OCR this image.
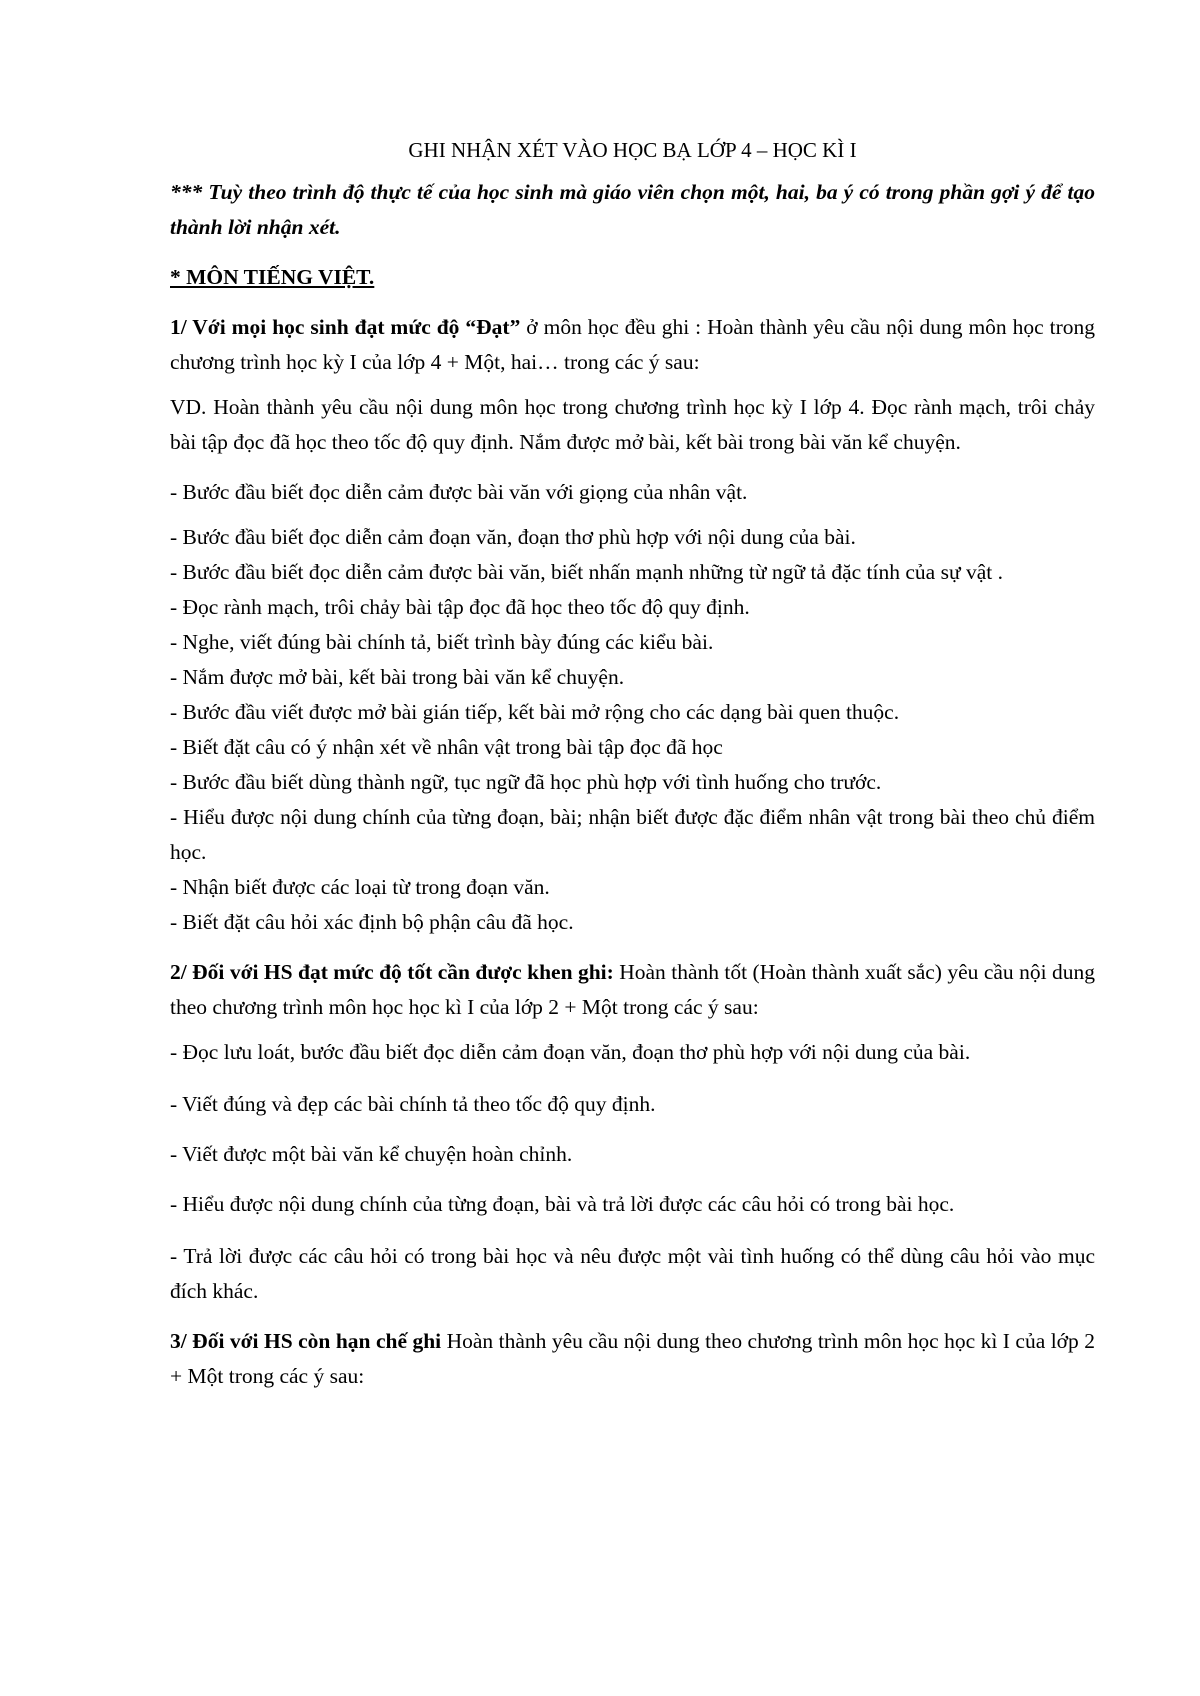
GHI NHẬN XÉT VÀO HỌC BẠ LỚP 4 – HỌC KÌ I

*** Tuỳ theo trình độ thực tế của học sinh mà giáo viên chọn một, hai, ba ý có trong phần gợi ý để tạo thành lời nhận xét.

* MÔN TIẾNG VIỆT.

1/ Với mọi học sinh đạt mức độ “Đạt” ở môn học đều ghi : Hoàn thành yêu cầu nội dung môn học trong chương trình học kỳ I của lớp 4 + Một, hai… trong các ý sau:

VD. Hoàn thành yêu cầu nội dung môn học trong chương trình học kỳ I lớp 4. Đọc rành mạch, trôi chảy bài tập đọc đã học theo tốc độ quy định. Nắm được mở bài, kết bài trong bài văn kể chuyện.

- Bước đầu biết đọc diễn cảm được bài văn với giọng của nhân vật.

- Bước đầu biết đọc diễn cảm đoạn văn, đoạn thơ phù hợp với nội dung của bài.

- Bước đầu biết đọc diễn cảm được bài văn, biết nhấn mạnh những từ ngữ tả đặc tính của sự vật .

- Đọc rành mạch, trôi chảy bài tập đọc đã học theo tốc độ quy định.

- Nghe, viết đúng bài chính tả, biết trình bày đúng các kiểu bài.

- Nắm được mở bài, kết bài trong bài văn kể chuyện.

- Bước đầu viết được mở bài gián tiếp, kết bài mở rộng cho các dạng bài quen thuộc.

- Biết đặt câu có ý nhận xét về nhân vật trong bài tập đọc đã học

- Bước đầu biết dùng thành ngữ, tục ngữ đã học phù hợp với tình huống cho trước.

- Hiểu được nội dung chính của từng đoạn, bài; nhận biết được đặc điểm nhân vật trong bài theo chủ điểm học.

- Nhận biết được các loại từ trong đoạn văn.

- Biết đặt câu hỏi xác định bộ phận câu đã học.

2/ Đối với HS đạt mức độ tốt cần được khen ghi: Hoàn thành tốt (Hoàn thành xuất sắc) yêu cầu nội dung theo chương trình môn học học kì I của lớp 2 + Một trong các ý sau:

- Đọc lưu loát, bước đầu biết đọc diễn cảm đoạn văn, đoạn thơ phù hợp với nội dung của bài.

- Viết đúng và đẹp các bài chính tả theo tốc độ quy định.

- Viết được một bài văn kể chuyện hoàn chỉnh.

- Hiểu được nội dung chính của từng đoạn, bài và trả lời được các câu hỏi có trong bài học.

- Trả lời được các câu hỏi có trong bài học và nêu được một vài tình huống có thể dùng câu hỏi vào mục đích khác.

3/ Đối với HS còn hạn chế ghi Hoàn thành yêu cầu nội dung theo chương trình môn học học kì I của lớp 2 + Một trong các ý sau:
